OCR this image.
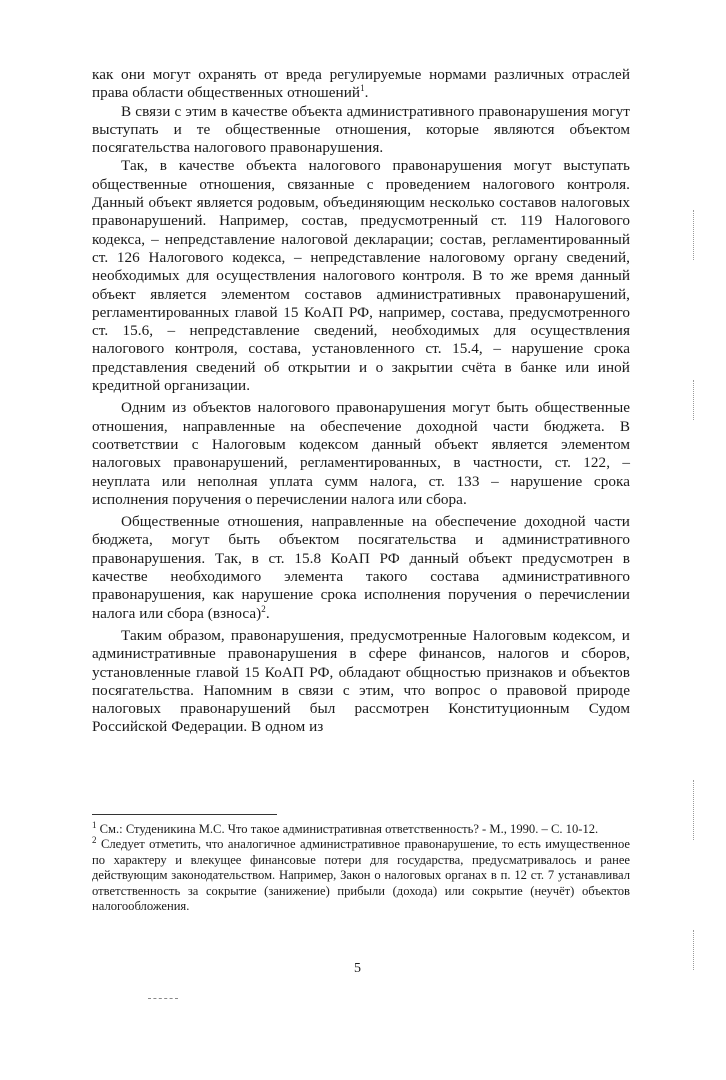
как они могут охранять от вреда регулируемые нормами различных отраслей права области общественных отношений$^1$.

В связи с этим в качестве объекта административного правонарушения могут выступать и те общественные отношения, которые являются объектом посягательства налогового правонарушения.

Так, в качестве объекта налогового правонарушения могут выступать общественные отношения, связанные с проведением налогового контроля. Данный объект является родовым, объединяющим несколько составов налоговых правонарушений. Например, состав, предусмотренный ст. 119 Налогового кодекса, – непредставление налоговой декларации; состав, регламентированный ст. 126 Налогового кодекса, – непредставление налоговому органу сведений, необходимых для осуществления налогового контроля. В то же время данный объект является элементом составов административных правонарушений, регламентированных главой 15 КоАП РФ, например, состава, предусмотренного ст. 15.6, – непредставление сведений, необходимых для осуществления налогового контроля, состава, установленного ст. 15.4, – нарушение срока представления сведений об открытии и о закрытии счёта в банке или иной кредитной организации.

Одним из объектов налогового правонарушения могут быть общественные отношения, направленные на обеспечение доходной части бюджета. В соответствии с Налоговым кодексом данный объект является элементом налоговых правонарушений, регламентированных, в частности, ст. 122, – неуплата или неполная уплата сумм налога, ст. 133 – нарушение срока исполнения поручения о перечислении налога или сбора.

Общественные отношения, направленные на обеспечение доходной части бюджета, могут быть объектом посягательства и административного правонарушения. Так, в ст. 15.8 КоАП РФ данный объект предусмотрен в качестве необходимого элемента такого состава административного правонарушения, как нарушение срока исполнения поручения о перечислении налога или сбора (взноса)$^2$.

Таким образом, правонарушения, предусмотренные Налоговым кодексом, и административные правонарушения в сфере финансов, налогов и сборов, установленные главой 15 КоАП РФ, обладают общностью признаков и объектов посягательства. Напомним в связи с этим, что вопрос о правовой природе налоговых правонарушений был рассмотрен Конституционным Судом Российской Федерации. В одном из

$^1$ См.: Студеникина М.С. Что такое административная ответственность? - М., 1990. – С. 10-12.

$^2$ Следует отметить, что аналогичное административное правонарушение, то есть имущественное по характеру и влекущее финансовые потери для государства, предусматривалось и ранее действующим законодательством. Например, Закон о налоговых органах в п. 12 ст. 7 устанавливал ответственность за сокрытие (занижение) прибыли (дохода) или сокрытие (неучёт) объектов налогообложения.

5
